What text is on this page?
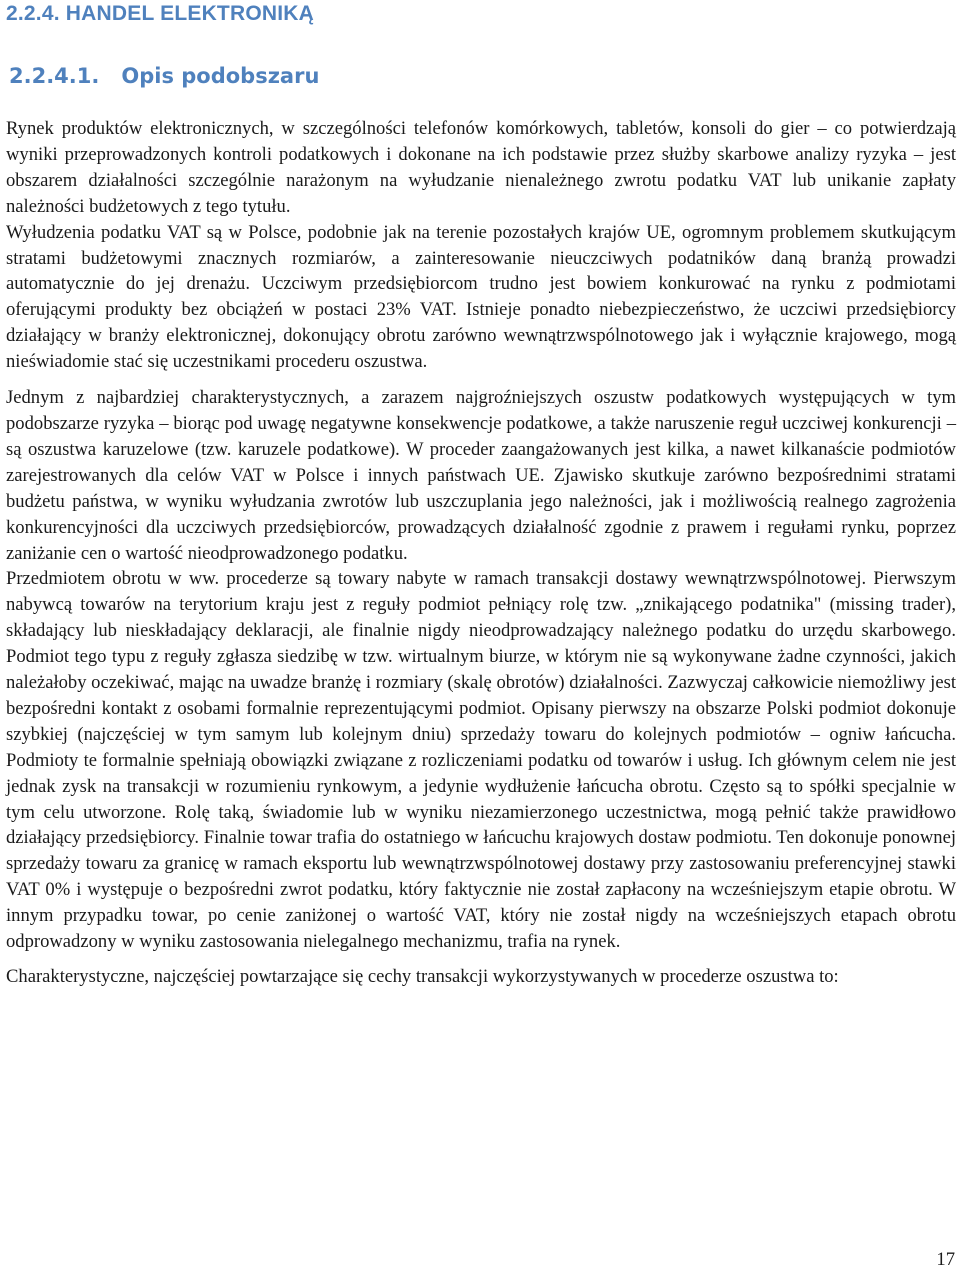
2.2.4. HANDEL ELEKTRONIKĄ
2.2.4.1. Opis podobszaru

Rynek produktów elektronicznych, w szczególności telefonów komórkowych, tabletów, konsoli do gier – co potwierdzają wyniki przeprowadzonych kontroli podatkowych i dokonane na ich podstawie przez służby skarbowe analizy ryzyka – jest obszarem działalności szczególnie narażonym na wyłudzanie nienależnego zwrotu podatku VAT lub unikanie zapłaty należności budżetowych z tego tytułu.

Wyłudzenia podatku VAT są w Polsce, podobnie jak na terenie pozostałych krajów UE, ogromnym problemem skutkującym stratami budżetowymi znacznych rozmiarów, a zainteresowanie nieuczciwych podatników daną branżą prowadzi automatycznie do jej drenażu. Uczciwym przedsiębiorcom trudno jest bowiem konkurować na rynku z podmiotami oferującymi produkty bez obciążeń w postaci 23% VAT. Istnieje ponadto niebezpieczeństwo, że uczciwi przedsiębiorcy działający w branży elektronicznej, dokonujący obrotu zarówno wewnątrzwspólnotowego jak i wyłącznie krajowego, mogą nieświadomie stać się uczestnikami procederu oszustwa.

Jednym z najbardziej charakterystycznych, a zarazem najgroźniejszych oszustw podatkowych występujących w tym podobszarze ryzyka – biorąc pod uwagę negatywne konsekwencje podatkowe, a także naruszenie reguł uczciwej konkurencji – są oszustwa karuzelowe (tzw. karuzele podatkowe). W proceder zaangażowanych jest kilka, a nawet kilkanaście podmiotów zarejestrowanych dla celów VAT w Polsce i innych państwach UE. Zjawisko skutkuje zarówno bezpośrednimi stratami budżetu państwa, w wyniku wyłudzania zwrotów lub uszczuplania jego należności, jak i możliwością realnego zagrożenia konkurencyjności dla uczciwych przedsiębiorców, prowadzących działalność zgodnie z prawem i regułami rynku, poprzez zaniżanie cen o wartość nieodprowadzonego podatku.

Przedmiotem obrotu w ww. procederze są towary nabyte w ramach transakcji dostawy wewnątrzwspólnotowej. Pierwszym nabywcą towarów na terytorium kraju jest z reguły podmiot pełniący rolę tzw. „znikającego podatnika" (missing trader), składający lub nieskładający deklaracji, ale finalnie nigdy nieodprowadzający należnego podatku do urzędu skarbowego. Podmiot tego typu z reguły zgłasza siedzibę w tzw. wirtualnym biurze, w którym nie są wykonywane żadne czynności, jakich należałoby oczekiwać, mając na uwadze branżę i rozmiary (skalę obrotów) działalności. Zazwyczaj całkowicie niemożliwy jest bezpośredni kontakt z osobami formalnie reprezentującymi podmiot. Opisany pierwszy na obszarze Polski podmiot dokonuje szybkiej (najczęściej w tym samym lub kolejnym dniu) sprzedaży towaru do kolejnych podmiotów – ogniw łańcucha. Podmioty te formalnie spełniają obowiązki związane z rozliczeniami podatku od towarów i usług. Ich głównym celem nie jest jednak zysk na transakcji w rozumieniu rynkowym, a jedynie wydłużenie łańcucha obrotu. Często są to spółki specjalnie w tym celu utworzone. Rolę taką, świadomie lub w wyniku niezamierzonego uczestnictwa, mogą pełnić także prawidłowo działający przedsiębiorcy. Finalnie towar trafia do ostatniego w łańcuchu krajowych dostaw podmiotu. Ten dokonuje ponownej sprzedaży towaru za granicę w ramach eksportu lub wewnątrzwspólnotowej dostawy przy zastosowaniu preferencyjnej stawki VAT 0% i występuje o bezpośredni zwrot podatku, który faktycznie nie został zapłacony na wcześniejszym etapie obrotu. W innym przypadku towar, po cenie zaniżonej o wartość VAT, który nie został nigdy na wcześniejszych etapach obrotu odprowadzony w wyniku zastosowania nielegalnego mechanizmu, trafia na rynek.

Charakterystyczne, najczęściej powtarzające się cechy transakcji wykorzystywanych w procederze oszustwa to:

17
